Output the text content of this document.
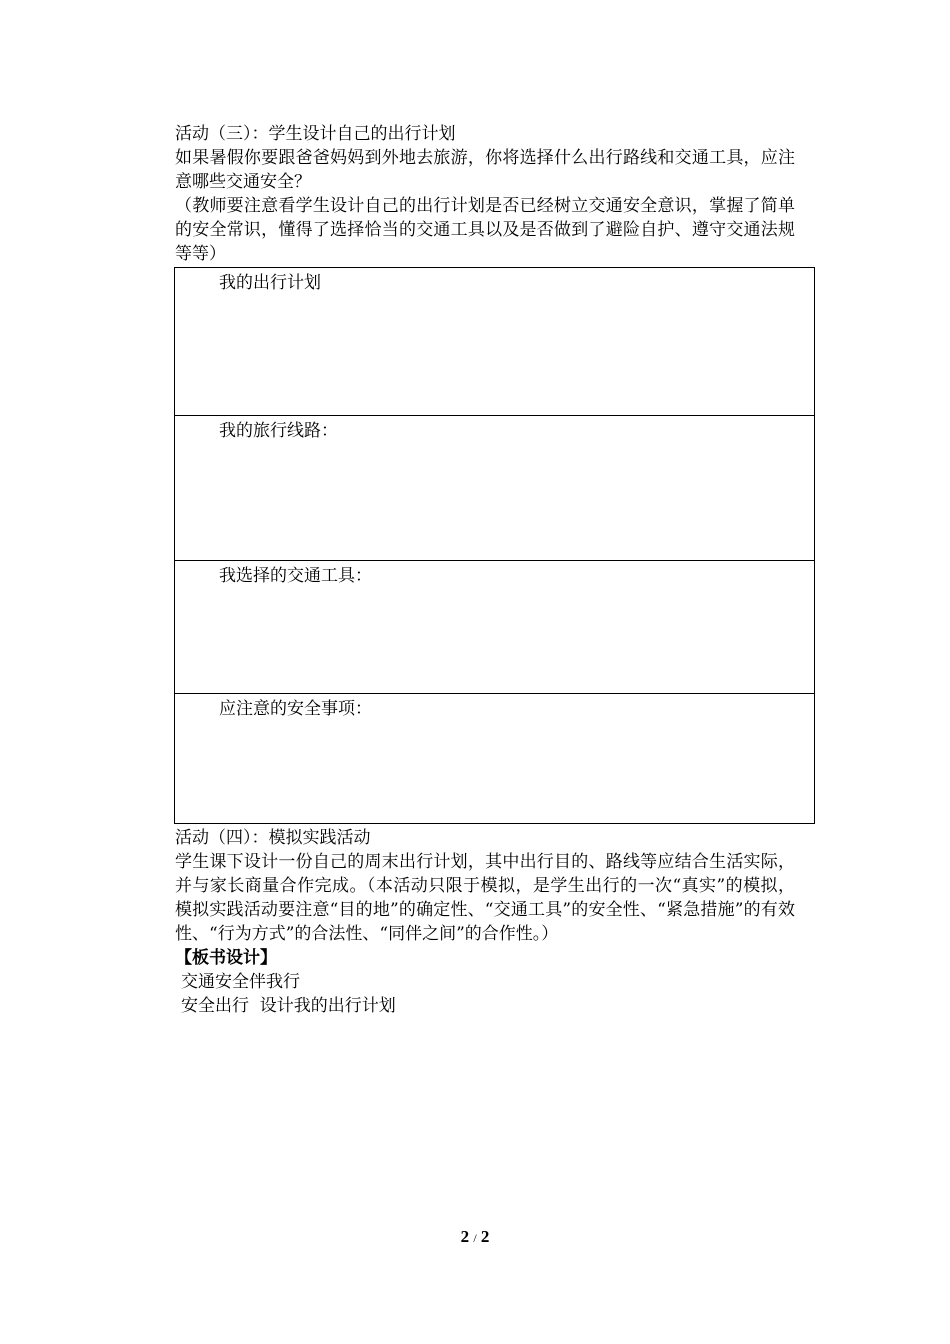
活动（三）：学生设计自己的出行计划

如果暑假你要跟爸爸妈妈到外地去旅游，你将选择什么出行路线和交通工具，应注意哪些交通安全？

（教师要注意看学生设计自己的出行计划是否已经树立交通安全意识，掌握了简单的安全常识，懂得了选择恰当的交通工具以及是否做到了避险自护、遵守交通法规等等）

我的出行计划
我的旅行线路：
我选择的交通工具：
应注意的安全事项：
活动（四）：模拟实践活动

学生课下设计一份自己的周末出行计划，其中出行目的、路线等应结合生活实际，并与家长商量合作完成。（本活动只限于模拟，是学生出行的一次“真实”的模拟，模拟实践活动要注意“目的地”的确定性、“交通工具”的安全性、“紧急措施”的有效性、“行为方式”的合法性、“同伴之间”的合作性。）

【板书设计】
交通安全伴我行
安全出行  设计我的出行计划
2 / 2
